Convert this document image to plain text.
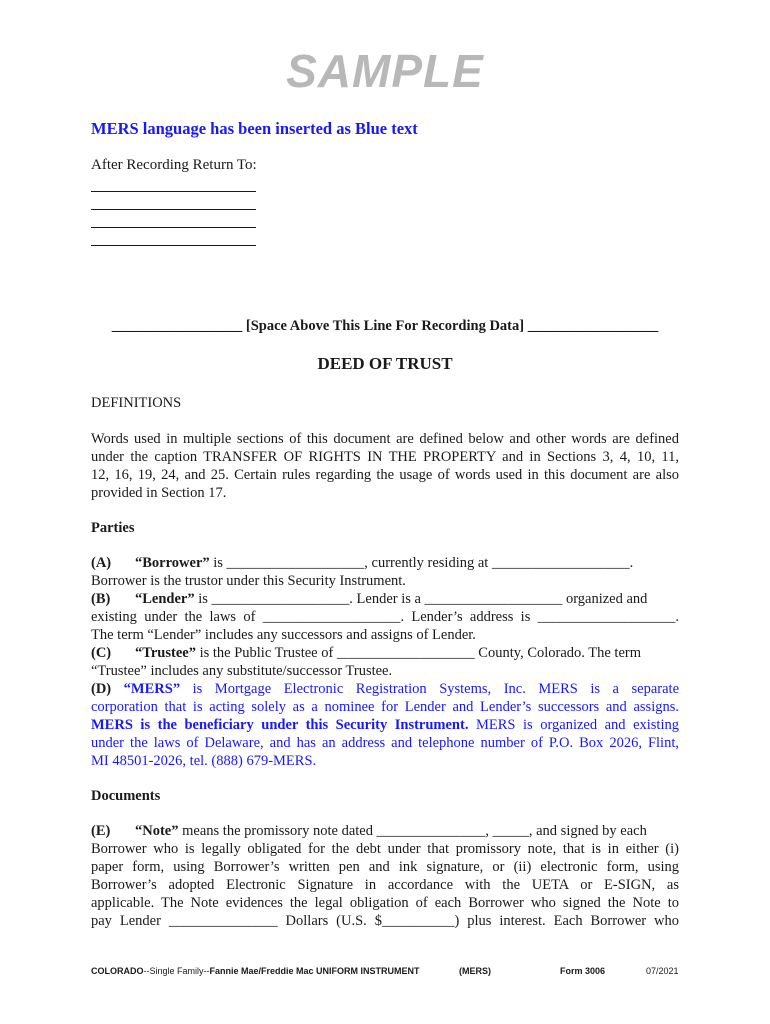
SAMPLE
MERS language has been inserted as Blue text
After Recording Return To:
__________________ [Space Above This Line For Recording Data] __________________
DEED OF TRUST
DEFINITIONS
Words used in multiple sections of this document are defined below and other words are defined
under the caption TRANSFER OF RIGHTS IN THE PROPERTY and in Sections 3, 4, 10, 11,
12, 16, 19, 24, and 25. Certain rules regarding the usage of words used in this document are also
provided in Section 17.
Parties
(A) “Borrower” is ___________________, currently residing at ___________________.
Borrower is the trustor under this Security Instrument.
(B) “Lender” is ___________________. Lender is a ___________________ organized and
existing under the laws of ___________________. Lender’s address is ___________________.
The term “Lender” includes any successors and assigns of Lender.
(C) “Trustee” is the Public Trustee of ___________________ County, Colorado. The term
“Trustee” includes any substitute/successor Trustee.
(D) “MERS” is Mortgage Electronic Registration Systems, Inc. MERS is a separate
corporation that is acting solely as a nominee for Lender and Lender’s successors and assigns.
MERS is the beneficiary under this Security Instrument. MERS is organized and existing
under the laws of Delaware, and has an address and telephone number of P.O. Box 2026, Flint,
MI 48501-2026, tel. (888) 679-MERS.
Documents
(E) “Note” means the promissory note dated _______________, _____, and signed by each
Borrower who is legally obligated for the debt under that promissory note, that is in either (i)
paper form, using Borrower’s written pen and ink signature, or (ii) electronic form, using
Borrower’s adopted Electronic Signature in accordance with the UETA or E-SIGN, as
applicable. The Note evidences the legal obligation of each Borrower who signed the Note to
pay Lender _______________ Dollars (U.S. $__________) plus interest. Each Borrower who
COLORADO--Single Family--Fannie Mae/Freddie Mac UNIFORM INSTRUMENT	(MERS)	Form 3006	07/2021
